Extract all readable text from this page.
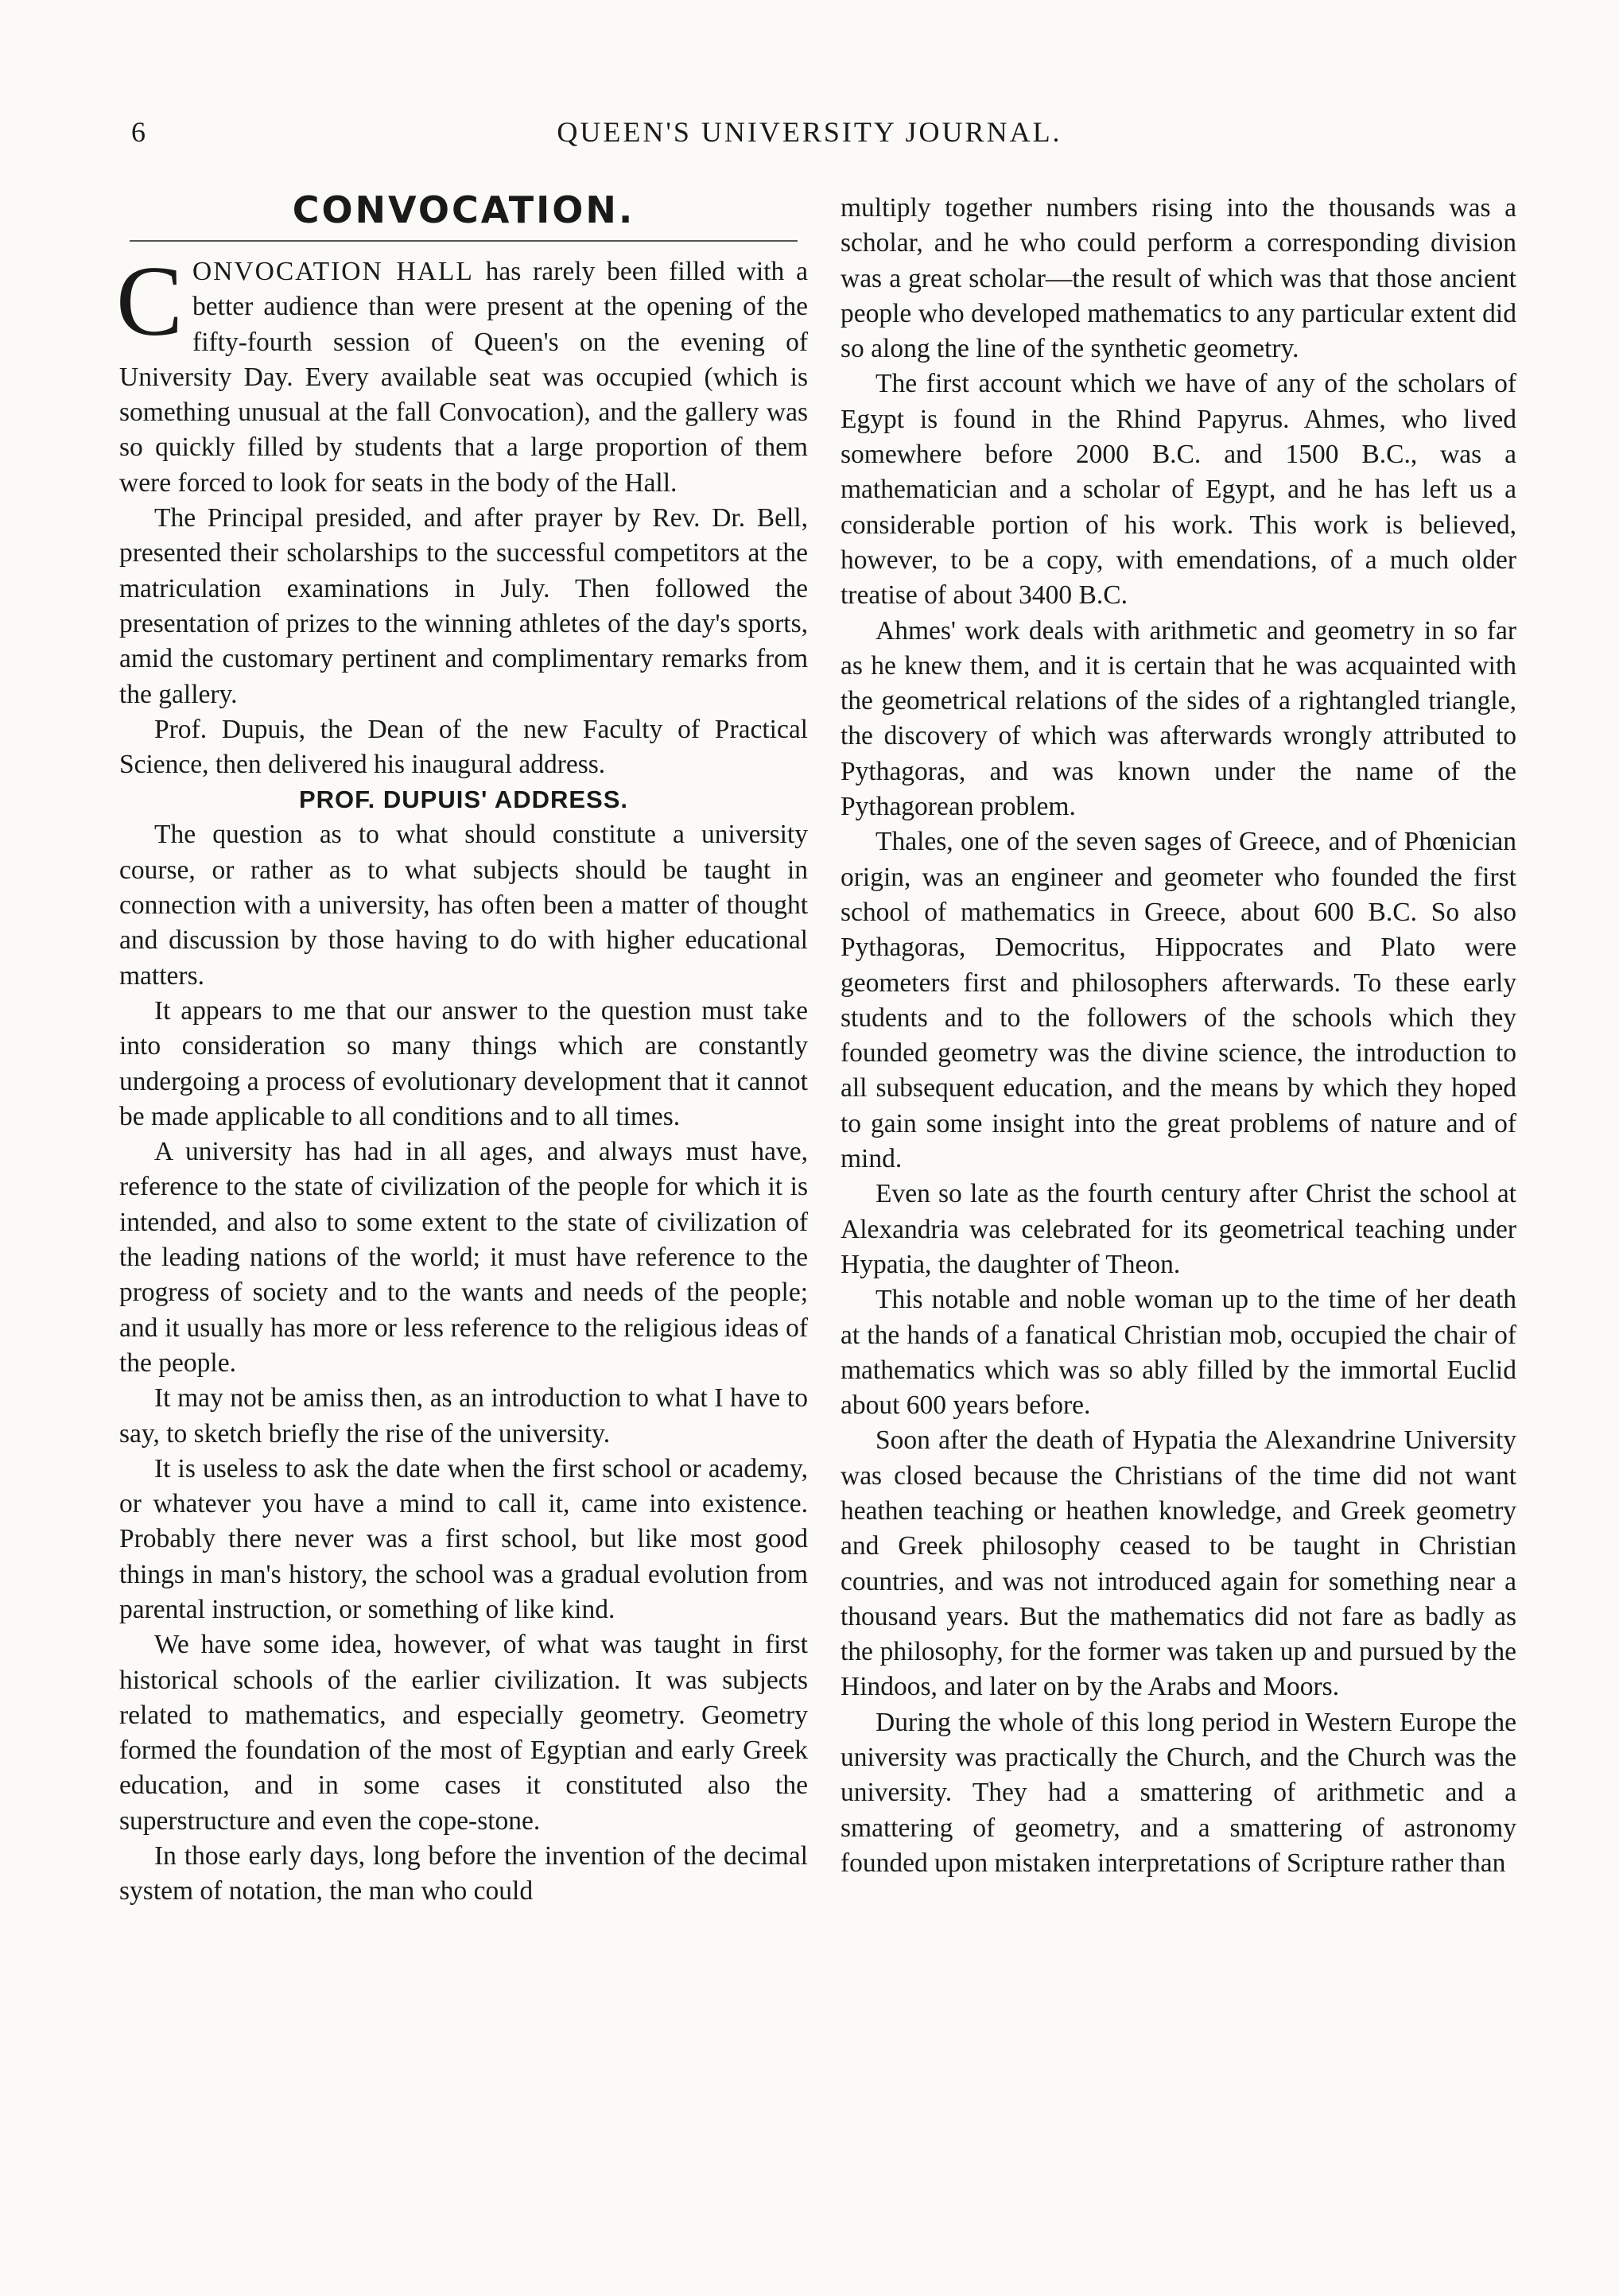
6	QUEEN'S UNIVERSITY JOURNAL.
CONVOCATION.

CONVOCATION HALL has rarely been filled with a better audience than were present at the opening of the fifty-fourth session of Queen's on the evening of University Day. Every available seat was occupied (which is something unusual at the fall Convocation), and the gallery was so quickly filled by students that a large proportion of them were forced to look for seats in the body of the Hall.

The Principal presided, and after prayer by Rev. Dr. Bell, presented their scholarships to the successful competitors at the matriculation examinations in July. Then followed the presentation of prizes to the winning athletes of the day's sports, amid the customary pertinent and complimentary remarks from the gallery.

Prof. Dupuis, the Dean of the new Faculty of Practical Science, then delivered his inaugural address.

PROF. DUPUIS' ADDRESS.

The question as to what should constitute a university course, or rather as to what subjects should be taught in connection with a university, has often been a matter of thought and discussion by those having to do with higher educational matters.

It appears to me that our answer to the question must take into consideration so many things which are constantly undergoing a process of evolutionary development that it cannot be made applicable to all conditions and to all times.

A university has had in all ages, and always must have, reference to the state of civilization of the people for which it is intended, and also to some extent to the state of civilization of the leading nations of the world; it must have reference to the progress of society and to the wants and needs of the people; and it usually has more or less reference to the religious ideas of the people.

It may not be amiss then, as an introduction to what I have to say, to sketch briefly the rise of the university.

It is useless to ask the date when the first school or academy, or whatever you have a mind to call it, came into existence. Probably there never was a first school, but like most good things in man's history, the school was a gradual evolution from parental instruction, or something of like kind.

We have some idea, however, of what was taught in first historical schools of the earlier civilization. It was subjects related to mathematics, and especially geometry. Geometry formed the foundation of the most of Egyptian and early Greek education, and in some cases it constituted also the superstructure and even the cope-stone.

In those early days, long before the invention of the decimal system of notation, the man who could

multiply together numbers rising into the thousands was a scholar, and he who could perform a corresponding division was a great scholar—the result of which was that those ancient people who developed mathematics to any particular extent did so along the line of the synthetic geometry.

The first account which we have of any of the scholars of Egypt is found in the Rhind Papyrus. Ahmes, who lived somewhere before 2000 B.C. and 1500 B.C., was a mathematician and a scholar of Egypt, and he has left us a considerable portion of his work. This work is believed, however, to be a copy, with emendations, of a much older treatise of about 3400 B.C.

Ahmes' work deals with arithmetic and geometry in so far as he knew them, and it is certain that he was acquainted with the geometrical relations of the sides of a rightangled triangle, the discovery of which was afterwards wrongly attributed to Pythagoras, and was known under the name of the Pythagorean problem.

Thales, one of the seven sages of Greece, and of Phœnician origin, was an engineer and geometer who founded the first school of mathematics in Greece, about 600 B.C. So also Pythagoras, Democritus, Hippocrates and Plato were geometers first and philosophers afterwards. To these early students and to the followers of the schools which they founded geometry was the divine science, the introduction to all subsequent education, and the means by which they hoped to gain some insight into the great problems of nature and of mind.

Even so late as the fourth century after Christ the school at Alexandria was celebrated for its geometrical teaching under Hypatia, the daughter of Theon.

This notable and noble woman up to the time of her death at the hands of a fanatical Christian mob, occupied the chair of mathematics which was so ably filled by the immortal Euclid about 600 years before.

Soon after the death of Hypatia the Alexandrine University was closed because the Christians of the time did not want heathen teaching or heathen knowledge, and Greek geometry and Greek philosophy ceased to be taught in Christian countries, and was not introduced again for something near a thousand years. But the mathematics did not fare as badly as the philosophy, for the former was taken up and pursued by the Hindoos, and later on by the Arabs and Moors.

During the whole of this long period in Western Europe the university was practically the Church, and the Church was the university. They had a smattering of arithmetic and a smattering of geometry, and a smattering of astronomy founded upon mistaken interpretations of Scripture rather than
